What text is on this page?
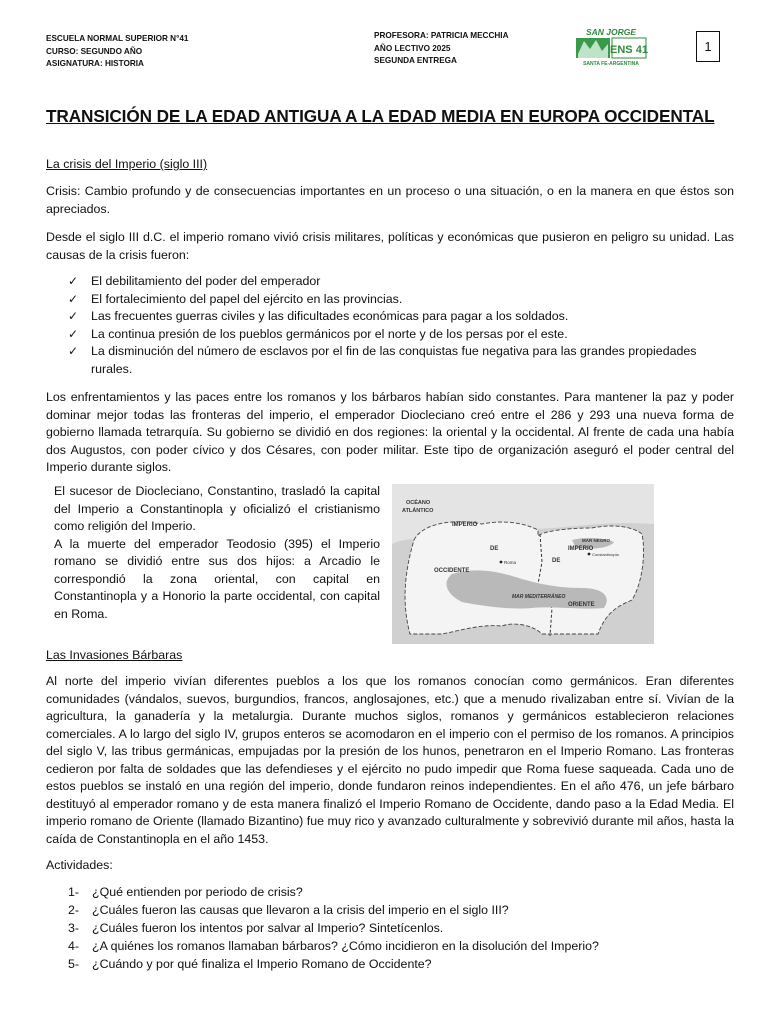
ESCUELA NORMAL SUPERIOR N°41
CURSO: SEGUNDO AÑO
ASIGNATURA: HISTORIA
PROFESORA: PATRICIA MECCHIA
AÑO LECTIVO 2025
SEGUNDA ENTREGA
SAN JORGE
ENS 41
SANTA FE-ARGENTINA
1
TRANSICIÓN DE LA EDAD ANTIGUA A LA EDAD MEDIA EN EUROPA OCCIDENTAL
La crisis del Imperio (siglo III)
Crisis: Cambio profundo y de consecuencias importantes en un proceso o una situación, o en la manera en que éstos son apreciados.
Desde el siglo III d.C. el imperio romano vivió crisis militares, políticas y económicas que pusieron en peligro su unidad. Las causas de la crisis fueron:
✓ El debilitamiento del poder del emperador
✓ El fortalecimiento del papel del ejército en las provincias.
✓ Las frecuentes guerras civiles y las dificultades económicas para pagar a los soldados.
✓ La continua presión de los pueblos germánicos por el norte y de los persas por el este.
✓ La disminución del número de esclavos por el fin de las conquistas fue negativa para las grandes propiedades rurales.
Los enfrentamientos y las paces entre los romanos y los bárbaros habían sido constantes. Para mantener la paz y poder dominar mejor todas las fronteras del imperio, el emperador Diocleciano creó entre el 286 y 293 una nueva forma de gobierno llamada tetrarquía. Su gobierno se dividió en dos regiones: la oriental y la occidental. Al frente de cada una había dos Augustos, con poder cívico y dos Césares, con poder militar. Este tipo de organización aseguró el poder central del Imperio durante siglos.

El sucesor de Diocleciano, Constantino, trasladó la capital del Imperio a Constantinopla y oficializó el cristianismo como religión del Imperio.

A la muerte del emperador Teodosio (395) el Imperio romano se dividió entre sus dos hijos: a Arcadio le correspondió la zona oriental, con capital en Constantinopla y a Honorio la parte occidental, con capital en Roma.

OCÉANO
ATLÁNTICO
IMPERIO
DE
OCCIDENTE
IMPERIO
DE
ORIENTE
MAR NEGRO
Constantinopla
Roma
MAR MEDITERRÁNEO
Las Invasiones Bárbaras
Al norte del imperio vivían diferentes pueblos a los que los romanos conocían como germánicos. Eran diferentes comunidades (vándalos, suevos, burgundios, francos, anglosajones, etc.) que a menudo rivalizaban entre sí. Vivían de la agricultura, la ganadería y la metalurgia. Durante muchos siglos, romanos y germánicos establecieron relaciones comerciales. A lo largo del siglo IV, grupos enteros se acomodaron en el imperio con el permiso de los romanos. A principios del siglo V, las tribus germánicas, empujadas por la presión de los hunos, penetraron en el Imperio Romano. Las fronteras cedieron por falta de soldades que las defendieses y el ejército no pudo impedir que Roma fuese saqueada. Cada uno de estos pueblos se instaló en una región del imperio, donde fundaron reinos independientes. En el año 476, un jefe bárbaro destituyó al emperador romano y de esta manera finalizó el Imperio Romano de Occidente, dando paso a la Edad Media. El imperio romano de Oriente (llamado Bizantino) fue muy rico y avanzado culturalmente y sobrevivió durante mil años, hasta la caída de Constantinopla en el año 1453.
Actividades:
1- ¿Qué entienden por periodo de crisis?
2- ¿Cuáles fueron las causas que llevaron a la crisis del imperio en el siglo III?
3- ¿Cuáles fueron los intentos por salvar al Imperio? Sintetícenlos.
4- ¿A quiénes los romanos llamaban bárbaros? ¿Cómo incidieron en la disolución del Imperio?
5- ¿Cuándo y por qué finaliza el Imperio Romano de Occidente?
